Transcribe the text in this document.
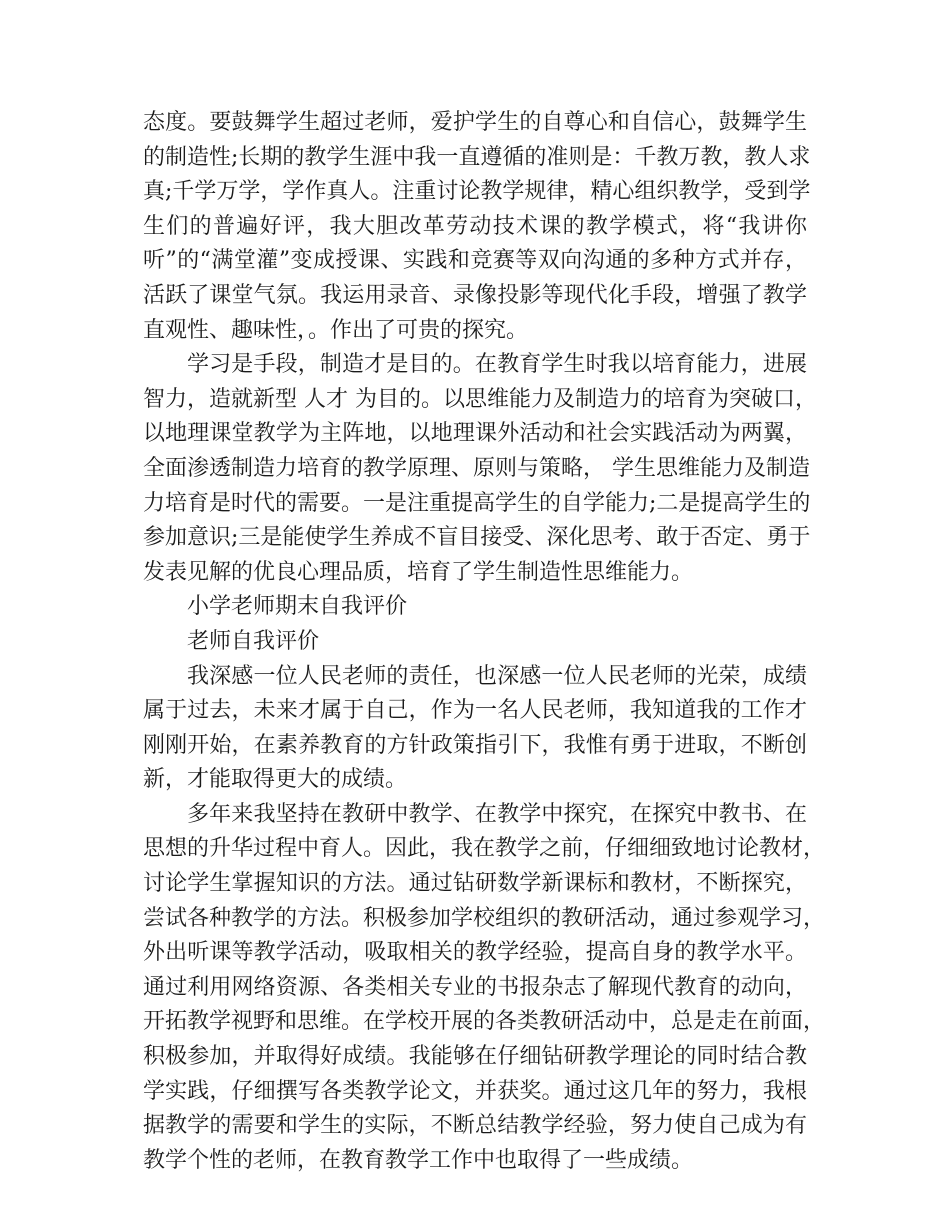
态度。要鼓舞学生超过老师，爱护学生的自尊心和自信心，鼓舞学生
的制造性;长期的教学生涯中我一直遵循的准则是：千教万教，教人求
真;千学万学，学作真人。注重讨论教学规律，精心组织教学，受到学
生们的普遍好评，我大胆改革劳动技术课的教学模式，将“我讲你
听”的“满堂灌”变成授课、实践和竞赛等双向沟通的多种方式并存，
活跃了课堂气氛。我运用录音、录像投影等现代化手段，增强了教学
直观性、趣味性，。作出了可贵的探究。
学习是手段，制造才是目的。在教育学生时我以培育能力，进展
智力，造就新型 人才 为目的。以思维能力及制造力的培育为突破口，
以地理课堂教学为主阵地，以地理课外活动和社会实践活动为两翼，
全面渗透制造力培育的教学原理、原则与策略， 学生思维能力及制造
力培育是时代的需要。一是注重提高学生的自学能力;二是提高学生的
参加意识;三是能使学生养成不盲目接受、深化思考、敢于否定、勇于
发表见解的优良心理品质，培育了学生制造性思维能力。
小学老师期末自我评价
老师自我评价
我深感一位人民老师的责任，也深感一位人民老师的光荣，成绩
属于过去，未来才属于自己，作为一名人民老师，我知道我的工作才
刚刚开始，在素养教育的方针政策指引下，我惟有勇于进取，不断创
新，才能取得更大的成绩。
多年来我坚持在教研中教学、在教学中探究，在探究中教书、在
思想的升华过程中育人。因此，我在教学之前，仔细细致地讨论教材，
讨论学生掌握知识的方法。通过钻研数学新课标和教材，不断探究，
尝试各种教学的方法。积极参加学校组织的教研活动，通过参观学习，
外出听课等教学活动，吸取相关的教学经验，提高自身的教学水平。
通过利用网络资源、各类相关专业的书报杂志了解现代教育的动向，
开拓教学视野和思维。在学校开展的各类教研活动中，总是走在前面，
积极参加，并取得好成绩。我能够在仔细钻研教学理论的同时结合教
学实践，仔细撰写各类教学论文，并获奖。通过这几年的努力，我根
据教学的需要和学生的实际，不断总结教学经验，努力使自己成为有
教学个性的老师，在教育教学工作中也取得了一些成绩。
